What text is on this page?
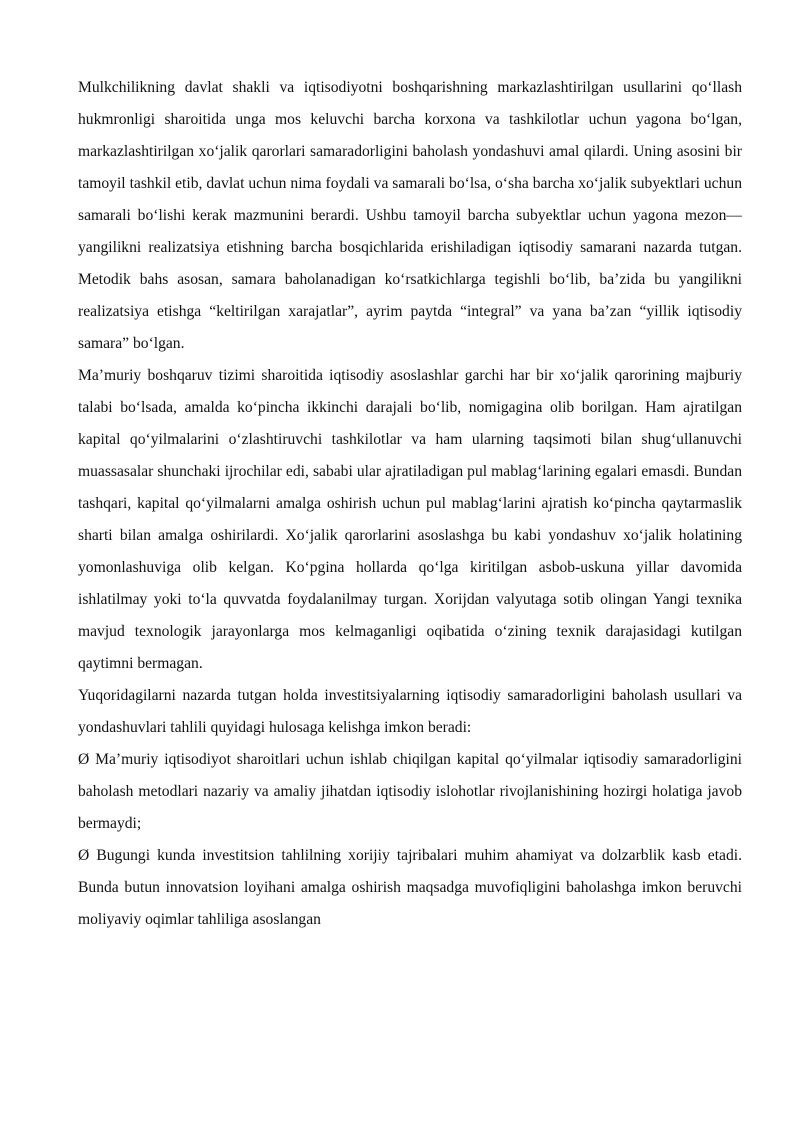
Mulkchilikning davlat shakli va iqtisodiyotni boshqarishning markazlashtirilgan usullarini qo‘llash hukmronligi sharoitida unga mos keluvchi barcha korxona va tashkilotlar uchun yagona bo‘lgan, markazlashtirilgan xo‘jalik qarorlari samaradorligini baholash yondashuvi amal qilardi. Uning asosini bir tamoyil tashkil etib, davlat uchun nima foydali va samarali bo‘lsa, o‘sha barcha xo‘jalik subyektlari uchun samarali bo‘lishi kerak mazmunini berardi. Ushbu tamoyil barcha subyektlar uchun yagona mezon—yangilikni realizatsiya etishning barcha bosqichlarida erishiladigan iqtisodiy samarani nazarda tutgan. Metodik bahs asosan, samara baholanadigan ko‘rsatkichlarga tegishli bo‘lib, ba’zida bu yangilikni realizatsiya etishga “keltirilgan xarajatlar”, ayrim paytda “integral” va yana ba’zan “yillik iqtisodiy samara” bo‘lgan.

Ma’muriy boshqaruv tizimi sharoitida iqtisodiy asoslashlar garchi har bir xo‘jalik qarorining majburiy talabi bo‘lsada, amalda ko‘pincha ikkinchi darajali bo‘lib, nomigagina olib borilgan. Ham ajratilgan kapital qo‘yilmalarini o‘zlashtiruvchi tashkilotlar va ham ularning taqsimoti bilan shug‘ullanuvchi muassasalar shunchaki ijrochilar edi, sababi ular ajratiladigan pul mablag‘larining egalari emasdi. Bundan tashqari, kapital qo‘yilmalarni amalga oshirish uchun pul mablag‘larini ajratish ko‘pincha qaytarmaslik sharti bilan amalga oshirilardi. Xo‘jalik qarorlarini asoslashga bu kabi yondashuv xo‘jalik holatining yomonlashuviga olib kelgan. Ko‘pgina hollarda qo‘lga kiritilgan asbob-uskuna yillar davomida ishlatilmay yoki to‘la quvvatda foydalanilmay turgan. Xorijdan valyutaga sotib olingan Yangi texnika mavjud texnologik jarayonlarga mos kelmaganligi oqibatida o‘zining texnik darajasidagi kutilgan qaytimni bermagan.

Yuqoridagilarni nazarda tutgan holda investitsiyalarning iqtisodiy samaradorligini baholash usullari va yondashuvlari tahlili quyidagi hulosaga kelishga imkon beradi:

Ø Ma’muriy iqtisodiyot sharoitlari uchun ishlab chiqilgan kapital qo‘yilmalar iqtisodiy samaradorligini baholash metodlari nazariy va amaliy jihatdan iqtisodiy islohotlar rivojlanishining hozirgi holatiga javob bermaydi;

Ø Bugungi kunda investitsion tahlilning xorijiy tajribalari muhim ahamiyat va dolzarblik kasb etadi. Bunda butun innovatsion loyihani amalga oshirish maqsadga muvofiqligini baholashga imkon beruvchi moliyaviy oqimlar tahliliga asoslangan
